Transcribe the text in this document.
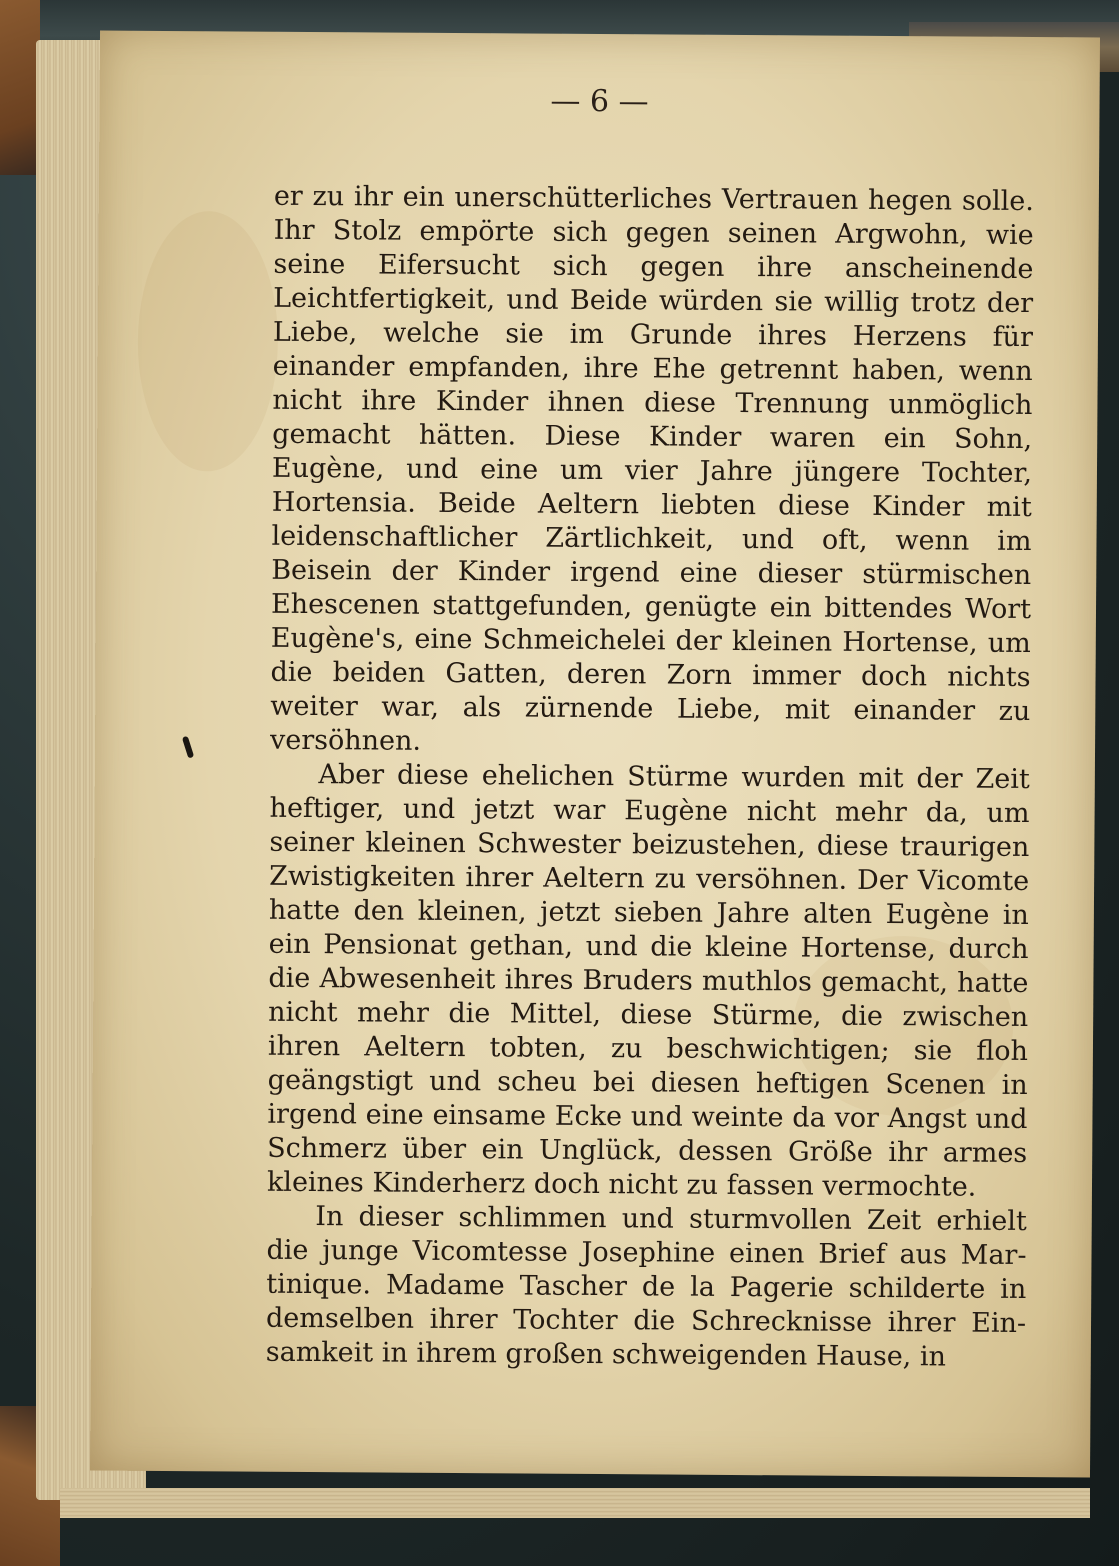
— 6 —

er zu ihr ein unerschütterliches Vertrauen hegen solle. Ihr Stolz empörte sich gegen seinen Argwohn, wie seine Eifersucht sich gegen ihre anscheinende Leichtfertigkeit, und Beide würden sie willig trotz der Liebe, welche sie im Grunde ihres Herzens für einander empfanden, ihre Ehe getrennt haben, wenn nicht ihre Kinder ihnen diese Trennung unmöglich gemacht hätten. Diese Kinder waren ein Sohn, Eugène, und eine um vier Jahre jüngere Tochter, Hortensia. Beide Aeltern liebten diese Kinder mit leidenschaftlicher Zärtlichkeit, und oft, wenn im Beisein der Kinder irgend eine dieser stürmischen Ehescenen stattgefunden, genügte ein bittendes Wort Eugène's, eine Schmeichelei der kleinen Hortense, um die beiden Gatten, deren Zorn immer doch nichts weiter war, als zürnende Liebe, mit einander zu versöhnen.

Aber diese ehelichen Stürme wurden mit der Zeit heftiger, und jetzt war Eugène nicht mehr da, um seiner kleinen Schwester beizustehen, diese traurigen Zwistigkeiten ihrer Aeltern zu versöhnen. Der Vicomte hatte den kleinen, jetzt sieben Jahre alten Eugène in ein Pensionat gethan, und die kleine Hortense, durch die Abwesenheit ihres Bruders muthlos gemacht, hatte nicht mehr die Mittel, diese Stürme, die zwischen ihren Aeltern tobten, zu beschwichtigen; sie floh geängstigt und scheu bei diesen heftigen Scenen in irgend eine einsame Ecke und weinte da vor Angst und Schmerz über ein Unglück, dessen Größe ihr armes kleines Kinderherz doch nicht zu fassen vermochte.

In dieser schlimmen und sturmvollen Zeit erhielt die junge Vicomtesse Josephine einen Brief aus Martinique. Madame Tascher de la Pagerie schilderte in demselben ihrer Tochter die Schrecknisse ihrer Einsamkeit in ihrem großen schweigenden Hause, in
